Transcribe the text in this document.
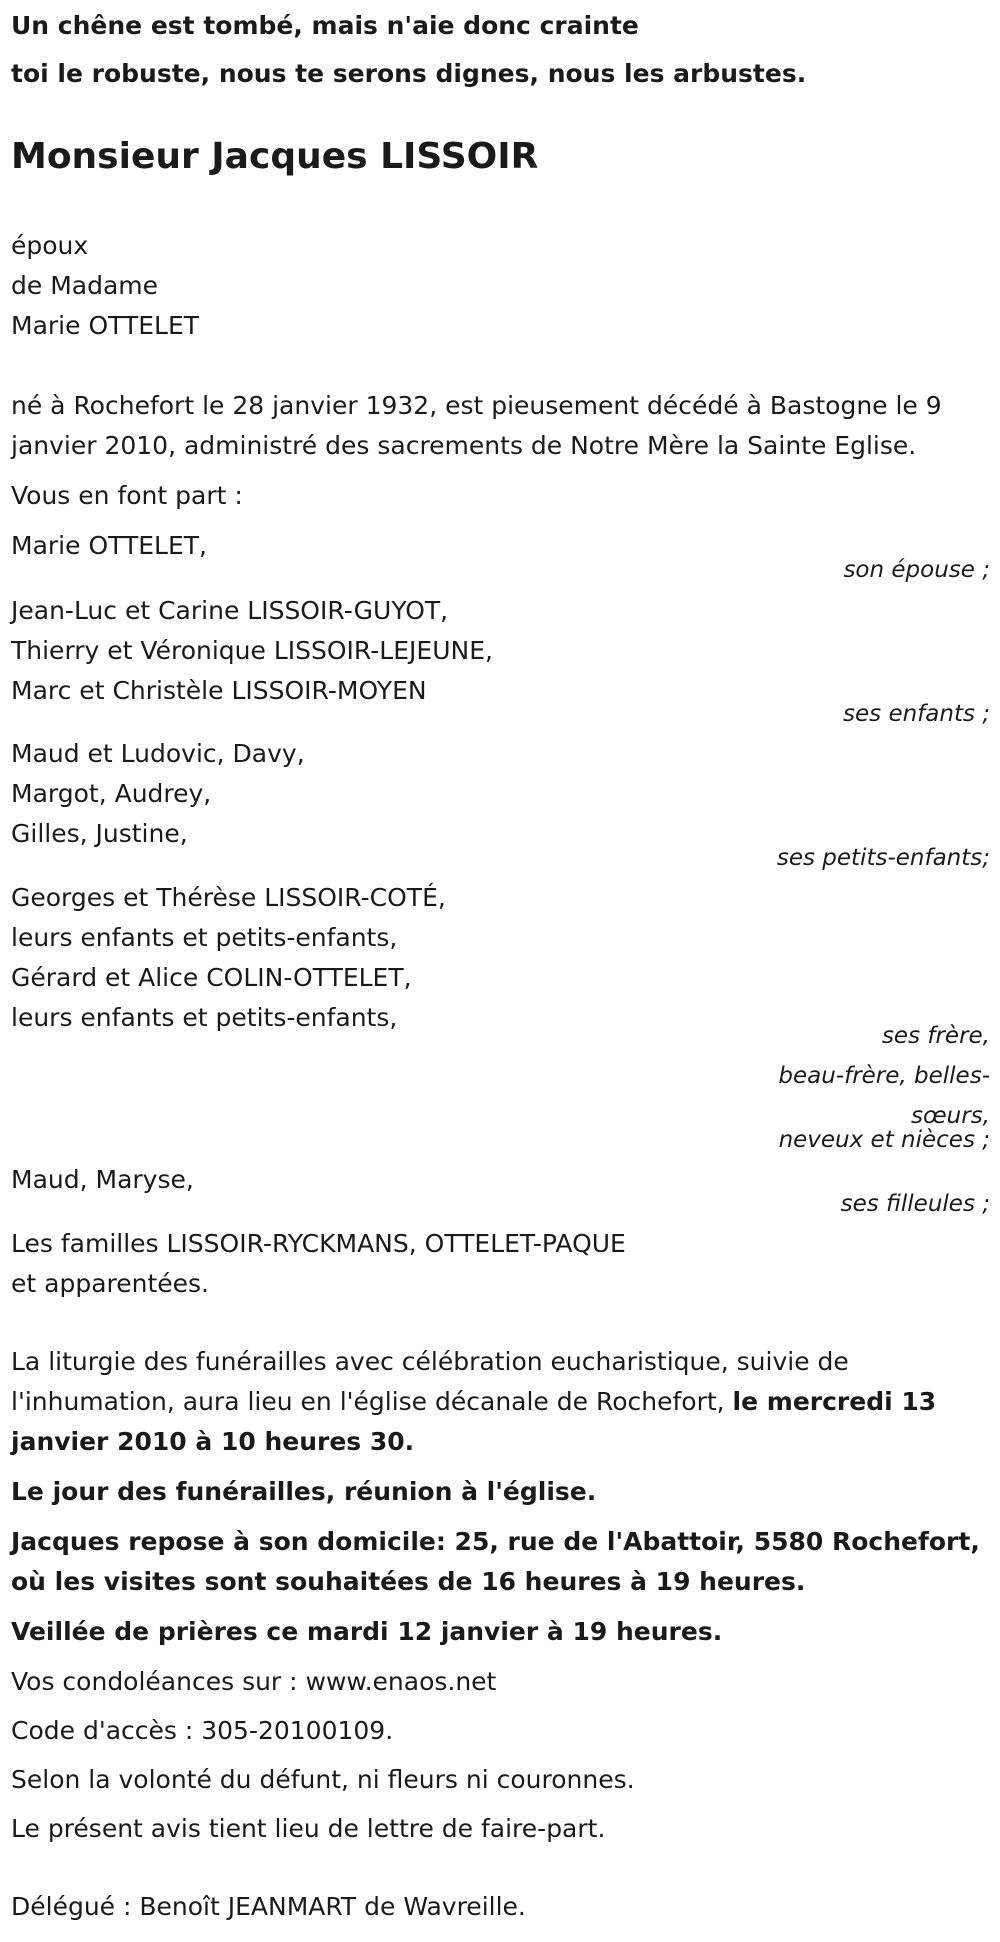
Un chêne est tombé, mais n'aie donc crainte
toi le robuste, nous te serons dignes, nous les arbustes.
Monsieur Jacques LISSOIR
époux
de Madame
Marie OTTELET
né à Rochefort le 28 janvier 1932, est pieusement décédé à Bastogne le 9
janvier 2010, administré des sacrements de Notre Mère la Sainte Eglise.
Vous en font part :
Marie OTTELET,
son épouse ;
Jean-Luc et Carine LISSOIR-GUYOT,
Thierry et Véronique LISSOIR-LEJEUNE,
Marc et Christèle LISSOIR-MOYEN
ses enfants ;
Maud et Ludovic, Davy,
Margot, Audrey,
Gilles, Justine,
ses petits-enfants;
Georges et Thérèse LISSOIR-COTÉ,
leurs enfants et petits-enfants,
Gérard et Alice COLIN-OTTELET,
leurs enfants et petits-enfants,
ses frère,
beau-frère, belles-
sœurs,
neveux et nièces ;
Maud, Maryse,
ses filleules ;
Les familles LISSOIR-RYCKMANS, OTTELET-PAQUE
et apparentées.
La liturgie des funérailles avec célébration eucharistique, suivie de
l'inhumation, aura lieu en l'église décanale de Rochefort, le mercredi 13
janvier 2010 à 10 heures 30.
Le jour des funérailles, réunion à l'église.
Jacques repose à son domicile: 25, rue de l'Abattoir, 5580 Rochefort,
où les visites sont souhaitées de 16 heures à 19 heures.
Veillée de prières ce mardi 12 janvier à 19 heures.
Vos condoléances sur : www.enaos.net
Code d'accès : 305-20100109.
Selon la volonté du défunt, ni fleurs ni couronnes.
Le présent avis tient lieu de lettre de faire-part.
Délégué : Benoît JEANMART de Wavreille.
